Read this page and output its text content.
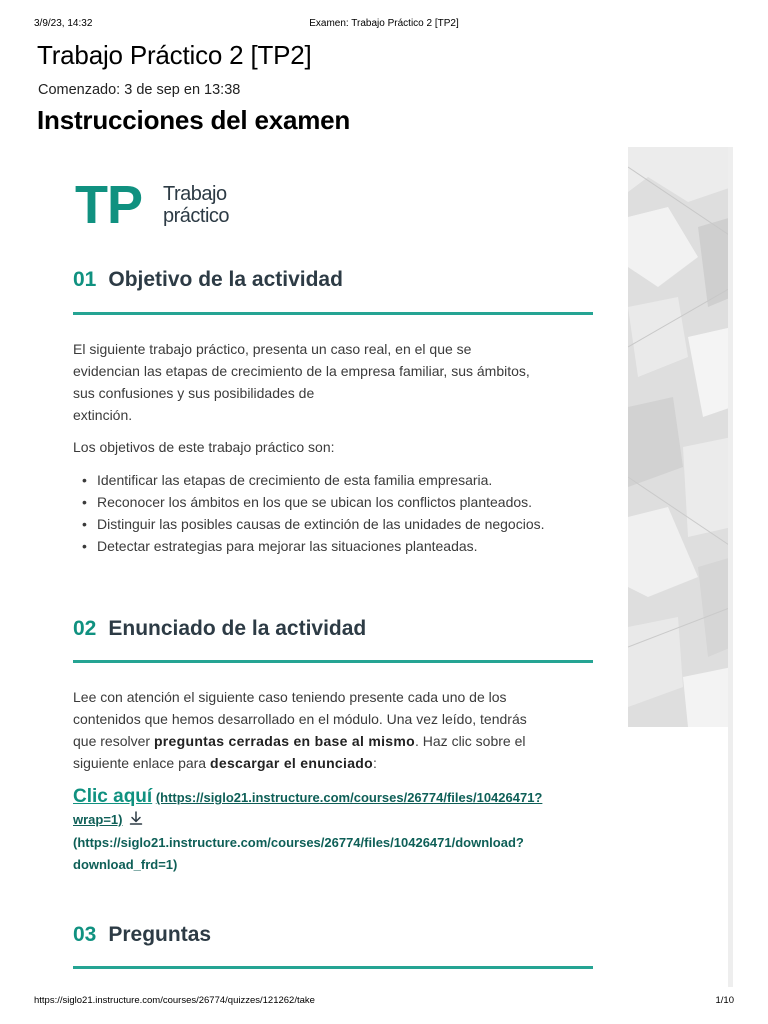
3/9/23, 14:32	Examen: Trabajo Práctico 2 [TP2]
Trabajo Práctico 2 [TP2]
Comenzado: 3 de sep en 13:38
Instrucciones del examen
TP Trabajo
práctico
01 Objetivo de la actividad
El siguiente trabajo práctico, presenta un caso real, en el que se
evidencian las etapas de crecimiento de la empresa familiar, sus ámbitos,
sus confusiones y sus posibilidades de
extinción.
Los objetivos de este trabajo práctico son:
• Identificar las etapas de crecimiento de esta familia empresaria.
• Reconocer los ámbitos en los que se ubican los conflictos planteados.
• Distinguir las posibles causas de extinción de las unidades de negocios.
• Detectar estrategias para mejorar las situaciones planteadas.
02 Enunciado de la actividad
Lee con atención el siguiente caso teniendo presente cada uno de los
contenidos que hemos desarrollado en el módulo. Una vez leído, tendrás
que resolver preguntas cerradas en base al mismo. Haz clic sobre el
siguiente enlace para descargar el enunciado:
Clic aquí (https://siglo21.instructure.com/courses/26774/files/10426471?
wrap=1)
(https://siglo21.instructure.com/courses/26774/files/10426471/download?
download_frd=1)
03 Preguntas
https://siglo21.instructure.com/courses/26774/quizzes/121262/take	1/10
